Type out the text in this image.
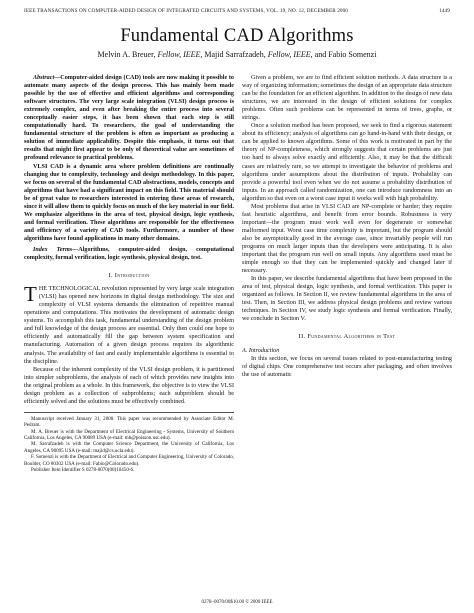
IEEE TRANSACTIONS ON COMPUTER-AIDED DESIGN OF INTEGRATED CIRCUITS AND SYSTEMS, VOL. 19, NO. 12, DECEMBER 2000	1449
Fundamental CAD Algorithms
Melvin A. Breuer, Fellow, IEEE, Majid Sarrafzadeh, Fellow, IEEE, and Fabio Somenzi

Abstract—Computer-aided design (CAD) tools are now making it possible to automate many aspects of the design process. This has mainly been made possible by the use of effective and efficient algorithms and corresponding software structures. The very large scale integration (VLSI) design process is extremely complex, and even after breaking the entire process into several conceptually easier steps, it has been shown that each step is still computationally hard. To researchers, the goal of understanding the fundamental structure of the problem is often as important as producing a solution of immediate applicability. Despite this emphasis, it turns out that results that might first appear to be only of theoretical value are sometimes of profound relevance to practical problems.

VLSI CAD is a dynamic area where problem definitions are continually changing due to complexity, technology and design methodology. In this paper, we focus on several of the fundamental CAD abstractions, models, concepts and algorithms that have had a significant impact on this field. This material should be of great value to researchers interested in entering these areas of research, since it will allow them to quickly focus on much of the key material in our field. We emphasize algorithms in the area of test, physical design, logic synthesis, and formal verification. These algorithms are responsible for the effectiveness and efficiency of a variety of CAD tools. Furthermore, a number of these algorithms have found applications in many other domains.

Index Terms—Algorithms, computer-aided design, computational complexity, formal verification, logic synthesis, physical design, test.

I. Introduction

THE TECHNOLOGICAL revolution represented by very large scale integration (VLSI) has opened new horizons in digital design methodology. The size and complexity of VLSI systems demands the elimination of repetitive manual operations and computations. This motivates the development of automatic design systems. To accomplish this task, fundamental understanding of the design problem and full knowledge of the design process are essential. Only then could one hope to efficiently and automatically fill the gap between system specification and manufacturing. Automation of a given design process requires its algorithmic analysis. The availability of fast and easily implementable algorithms is essential to the discipline.

Because of the inherent complexity of the VLSI design problem, it is partitioned into simpler subproblems, the analysis of each of which provides new insights into the original problem as a whole. In this framework, the objective is to view the VLSI design problem as a collection of subproblems; each subproblem should be efficiently solved and the solutions must be effectively combined.

Manuscript received January 31, 2000. This paper was recommended by Associate Editor M. Pedram.

M. A. Breuer is with the Department of Electrical Engineering - Systems, University of Southern California, Los Angeles, CA 90089 USA (e-mail: mb@poisson.usc.edu).

M. Sarrafzadeh is with the Computer Science Department, the University of California, Los Angeles, CA 90095 USA (e-mail: majid@cs.ucla.edu).

F. Somenzi is with the Department of Electrical and Computer Engineering, University of Colorado, Boulder, CO 80302 USA (e-mail: Fabio@Colorado.edu).

Publisher Item Identifier S 0278-0070(00)10450-6.

Given a problem, we are to find efficient solution methods. A data structure is a way of organizing information; sometimes the design of an appropriate data structure can be the foundation for an efficient algorithm. In addition to the design of new data structures, we are interested in the design of efficient solutions for complex problems. Often such problems can be represented in terms of trees, graphs, or strings.

Once a solution method has been proposed, we seek to find a rigorous statement about its efficiency; analysis of algorithms can go hand-in-hand with their design, or can be applied to known algorithms. Some of this work is motivated in part by the theory of NP-completeness, which strongly suggests that certain problems are just too hard to always solve exactly and efficiently. Also, it may be that the difficult cases are relatively rare, so we attempt to investigate the behavior of problems and algorithms under assumptions about the distribution of inputs. Probability can provide a powerful tool even when we do not assume a probability distribution of inputs. In an approach called randomization, one can introduce randomness into an algorithm so that even on a worst case input it works well with high probability.

Most problems that arise in VLSI CAD are NP-complete or harder; they require fast heuristic algorithms, and benefit from error bounds. Robustness is very important—the program must work well even for degenerate or somewhat malformed input. Worst case time complexity is important, but the program should also be asymptotically good in the average case, since invariably people will run programs on much larger inputs than the developers were anticipating. It is also important that the program run well on small inputs. Any algorithms used must be simple enough so that they can be implemented quickly and changed later if necessary.

In this paper, we describe fundamental algorithms that have been proposed in the area of test, physical design, logic synthesis, and formal verification. This paper is organized as follows. In Section II, we review fundamental algorithms in the area of test. Then, in Section III, we address physical design problems and review various techniques. In Section IV, we study logic synthesis and formal verification. Finally, we conclude in Section V.

II. Fundamental Algorithms in Test

A. Introduction

In this section, we focus on several issues related to post-manufacturing testing of digital chips. One comprehensive test occurs after packaging, and often involves the use of automatic

0278–0070/00$10.00 © 2000 IEEE
